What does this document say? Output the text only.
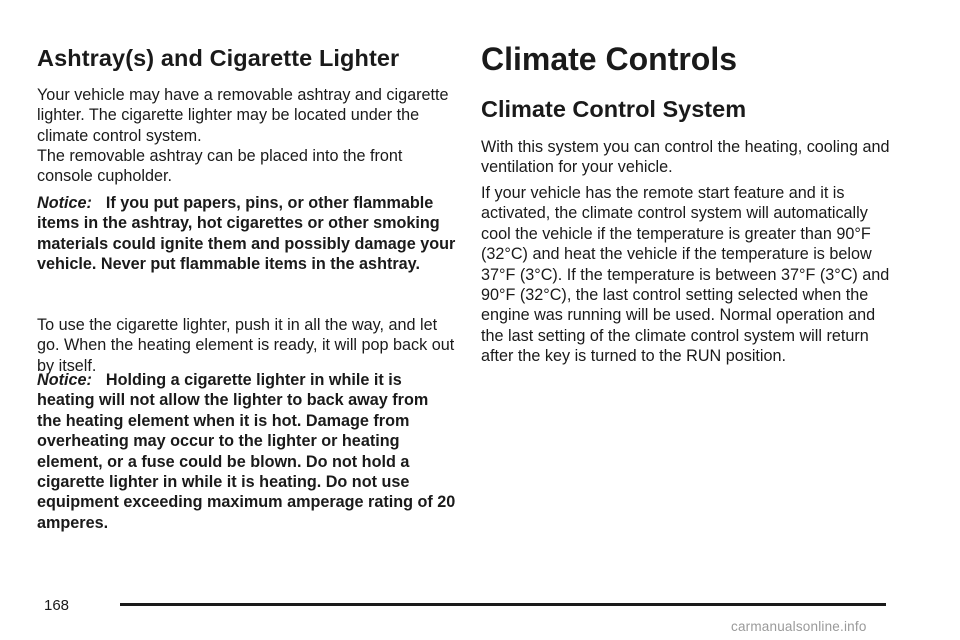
Ashtray(s) and Cigarette Lighter

Your vehicle may have a removable ashtray and cigarette lighter. The cigarette lighter may be located under the climate control system.

The removable ashtray can be placed into the front console cupholder.

Notice: If you put papers, pins, or other flammable items in the ashtray, hot cigarettes or other smoking materials could ignite them and possibly damage your vehicle. Never put flammable items in the ashtray.

To use the cigarette lighter, push it in all the way, and let go. When the heating element is ready, it will pop back out by itself.

Notice: Holding a cigarette lighter in while it is heating will not allow the lighter to back away from the heating element when it is hot. Damage from overheating may occur to the lighter or heating element, or a fuse could be blown. Do not hold a cigarette lighter in while it is heating. Do not use equipment exceeding maximum amperage rating of 20 amperes.

Climate Controls
Climate Control System

With this system you can control the heating, cooling and ventilation for your vehicle.

If your vehicle has the remote start feature and it is activated, the climate control system will automatically cool the vehicle if the temperature is greater than 90°F (32°C) and heat the vehicle if the temperature is below 37°F (3°C). If the temperature is between 37°F (3°C) and 90°F (32°C), the last control setting selected when the engine was running will be used. Normal operation and the last setting of the climate control system will return after the key is turned to the RUN position.

168
carmanualsonline.info
